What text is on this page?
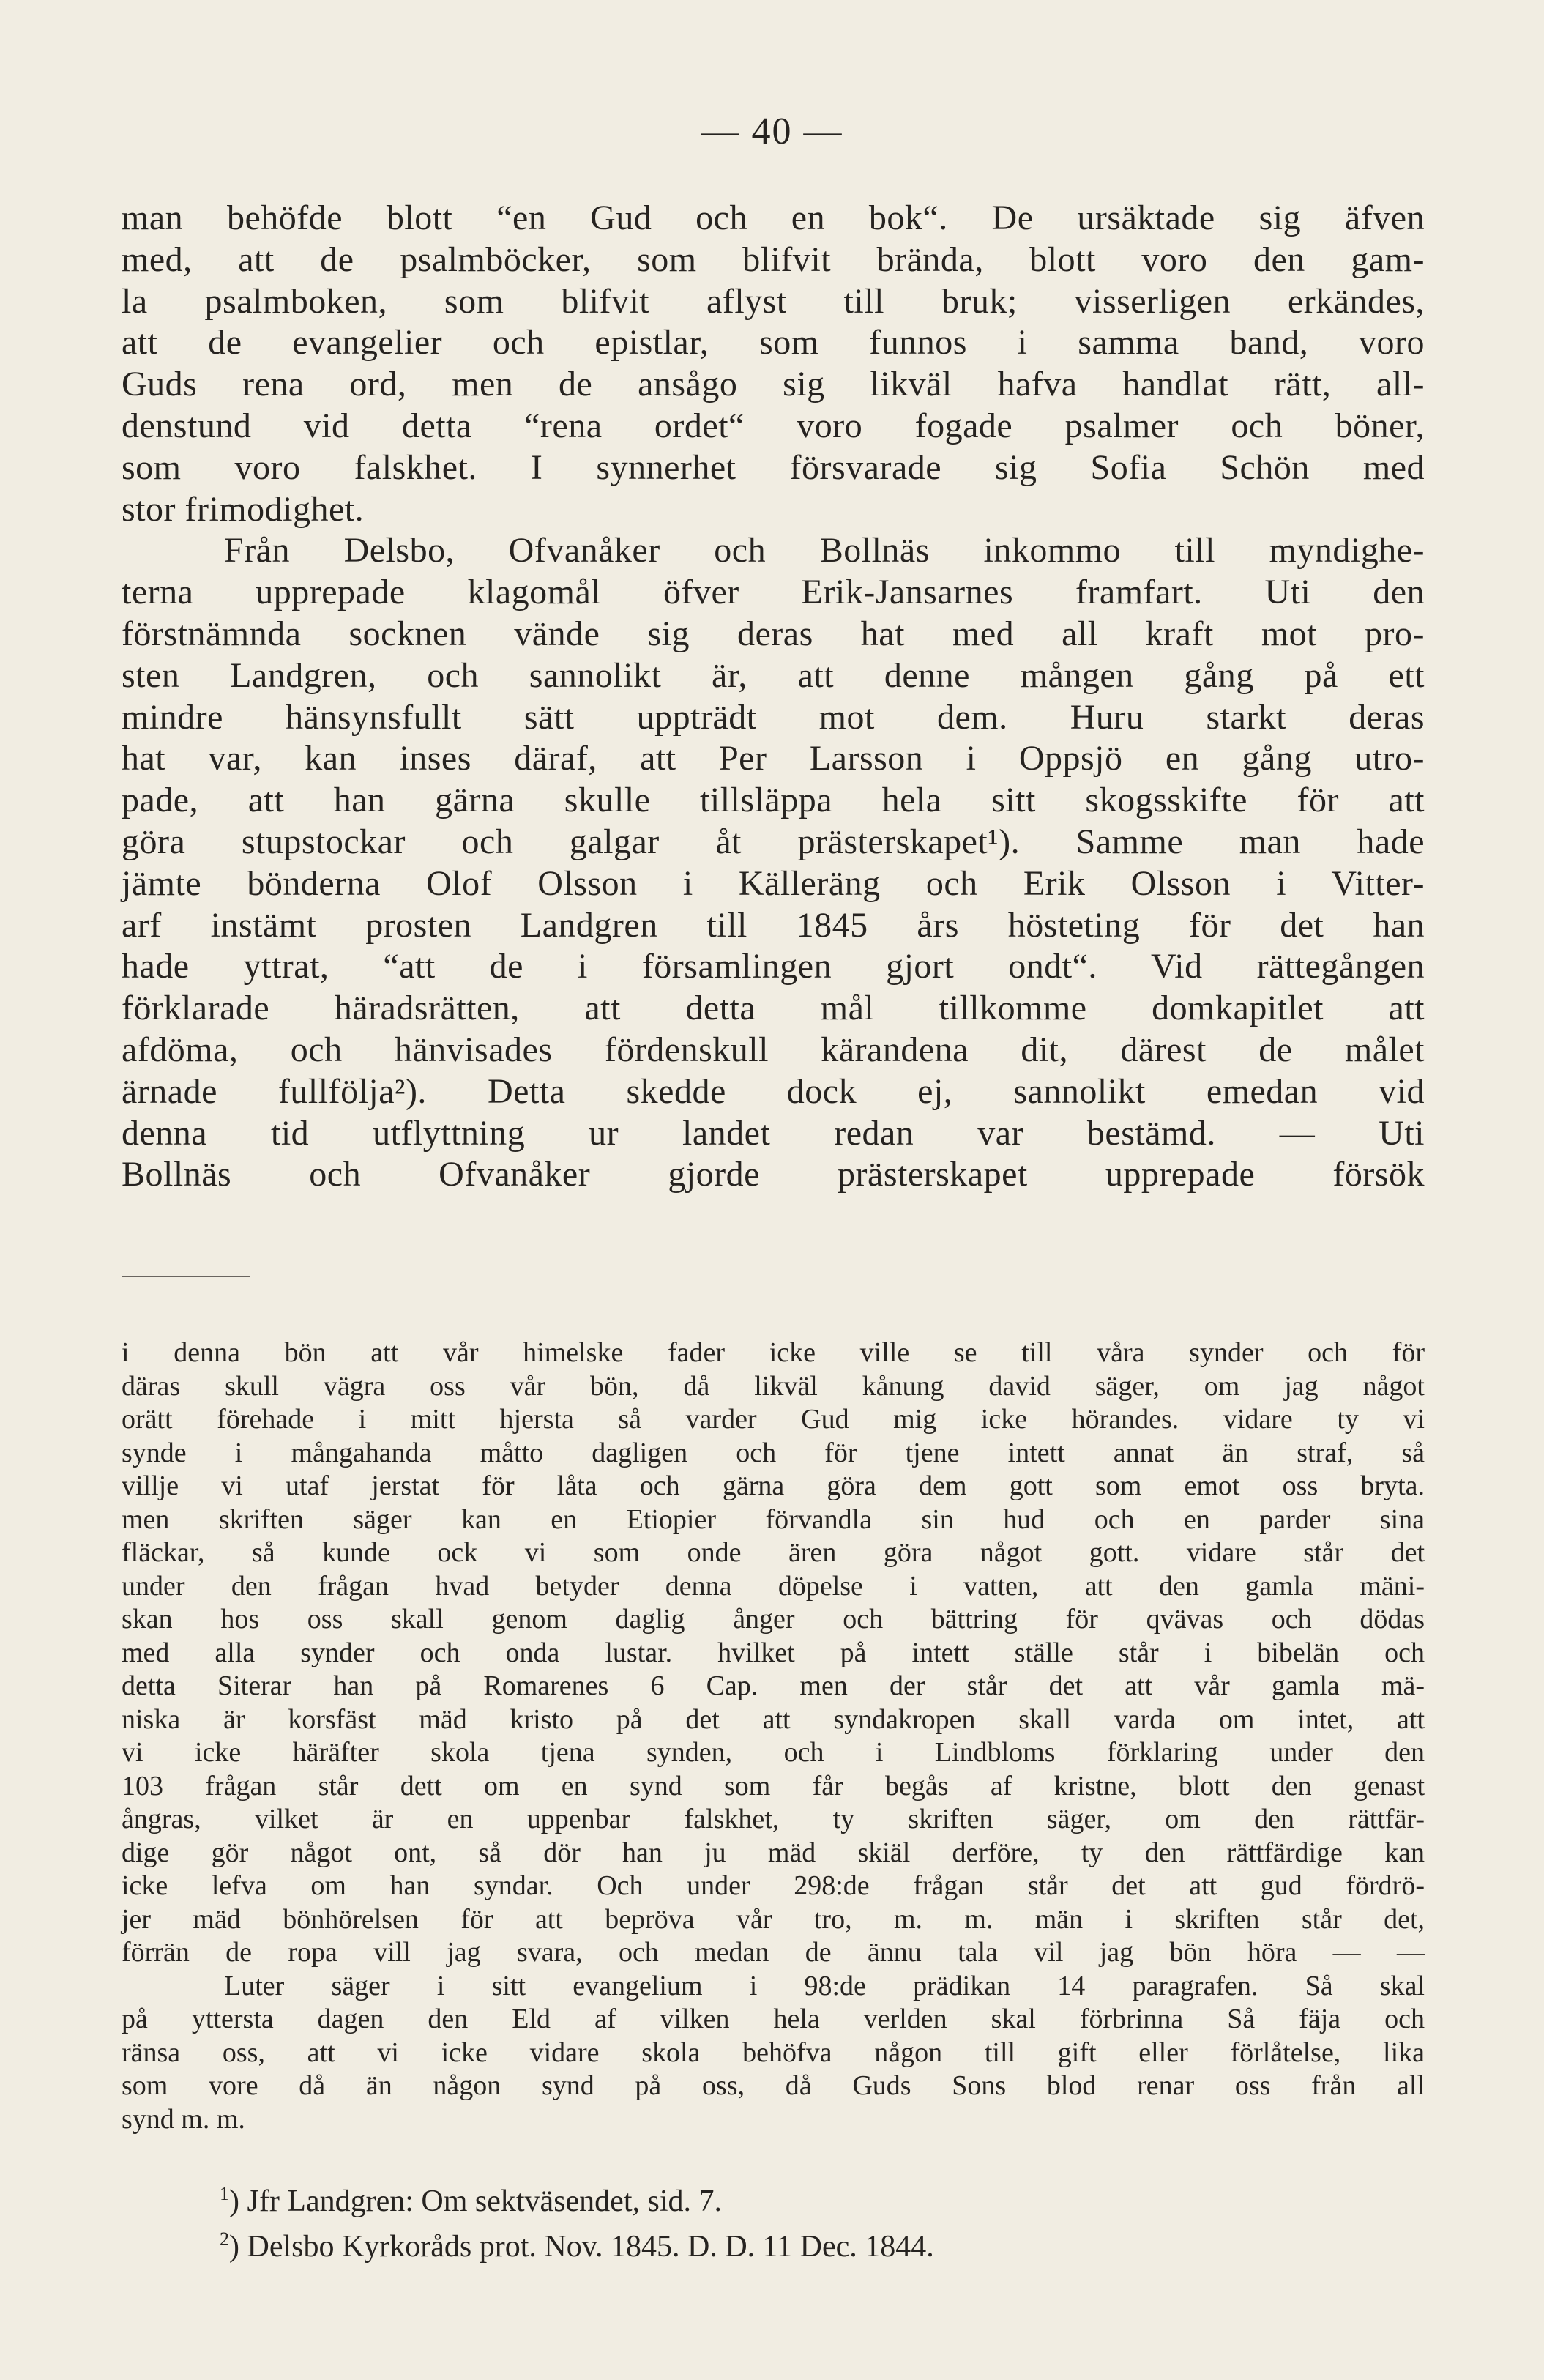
— 40 —
man behöfde blott “en Gud och en bok“. De ursäktade sig äfven
med, att de psalmböcker, som blifvit brända, blott voro den gam-
la psalmboken, som blifvit aflyst till bruk; visserligen erkändes,
att de evangelier och epistlar, som funnos i samma band, voro
Guds rena ord, men de ansågo sig likväl hafva handlat rätt, all-
denstund vid detta “rena ordet“ voro fogade psalmer och böner,
som voro falskhet. I synnerhet försvarade sig Sofia Schön med
stor frimodighet.
Från Delsbo, Ofvanåker och Bollnäs inkommo till myndighe-
terna upprepade klagomål öfver Erik-Jansarnes framfart. Uti den
förstnämnda socknen vände sig deras hat med all kraft mot pro-
sten Landgren, och sannolikt är, att denne mången gång på ett
mindre hänsynsfullt sätt uppträdt mot dem. Huru starkt deras
hat var, kan inses däraf, att Per Larsson i Oppsjö en gång utro-
pade, att han gärna skulle tillsläppa hela sitt skogsskifte för att
göra stupstockar och galgar åt prästerskapet¹). Samme man hade
jämte bönderna Olof Olsson i Källeräng och Erik Olsson i Vitter-
arf instämt prosten Landgren till 1845 års hösteting för det han
hade yttrat, “att de i församlingen gjort ondt“. Vid rättegången
förklarade häradsrätten, att detta mål tillkomme domkapitlet att
afdöma, och hänvisades fördenskull kärandena dit, därest de målet
ärnade fullfölja²). Detta skedde dock ej, sannolikt emedan vid
denna tid utflyttning ur landet redan var bestämd. — Uti
Bollnäs och Ofvanåker gjorde prästerskapet upprepade försök
i denna bön att vår himelske fader icke ville se till våra synder och för
däras skull vägra oss vår bön, då likväl kånung david säger, om jag något
orätt förehade i mitt hjersta så varder Gud mig icke hörandes. vidare ty vi
synde i mångahanda måtto dagligen och för tjene intett annat än straf, så
villje vi utaf jerstat för låta och gärna göra dem gott som emot oss bryta.
men skriften säger kan en Etiopier förvandla sin hud och en parder sina
fläckar, så kunde ock vi som onde ären göra något gott. vidare står det
under den frågan hvad betyder denna döpelse i vatten, att den gamla mäni-
skan hos oss skall genom daglig ånger och bättring för qvävas och dödas
med alla synder och onda lustar. hvilket på intett ställe står i bibelän och
detta Siterar han på Romarenes 6 Cap. men der står det att vår gamla mä-
niska är korsfäst mäd kristo på det att syndakropen skall varda om intet, att
vi icke häräfter skola tjena synden, och i Lindbloms förklaring under den
103 frågan står dett om en synd som får begås af kristne, blott den genast
ångras, vilket är en uppenbar falskhet, ty skriften säger, om den rättfär-
dige gör något ont, så dör han ju mäd skiäl derföre, ty den rättfärdige kan
icke lefva om han syndar. Och under 298:de frågan står det att gud fördrö-
jer mäd bönhörelsen för att bepröva vår tro, m. m. män i skriften står det,
förrän de ropa vill jag svara, och medan de ännu tala vil jag bön höra — —
Luter säger i sitt evangelium i 98:de prädikan 14 paragrafen. Så skal
på yttersta dagen den Eld af vilken hela verlden skal förbrinna Så fäja och
ränsa oss, att vi icke vidare skola behöfva någon till gift eller förlåtelse, lika
som vore då än någon synd på oss, då Guds Sons blod renar oss från all
synd m. m.
$^1$) Jfr Landgren: Om sektväsendet, sid. 7.
$^2$) Delsbo Kyrkoråds prot. Nov. 1845. D. D. 11 Dec. 1844.
